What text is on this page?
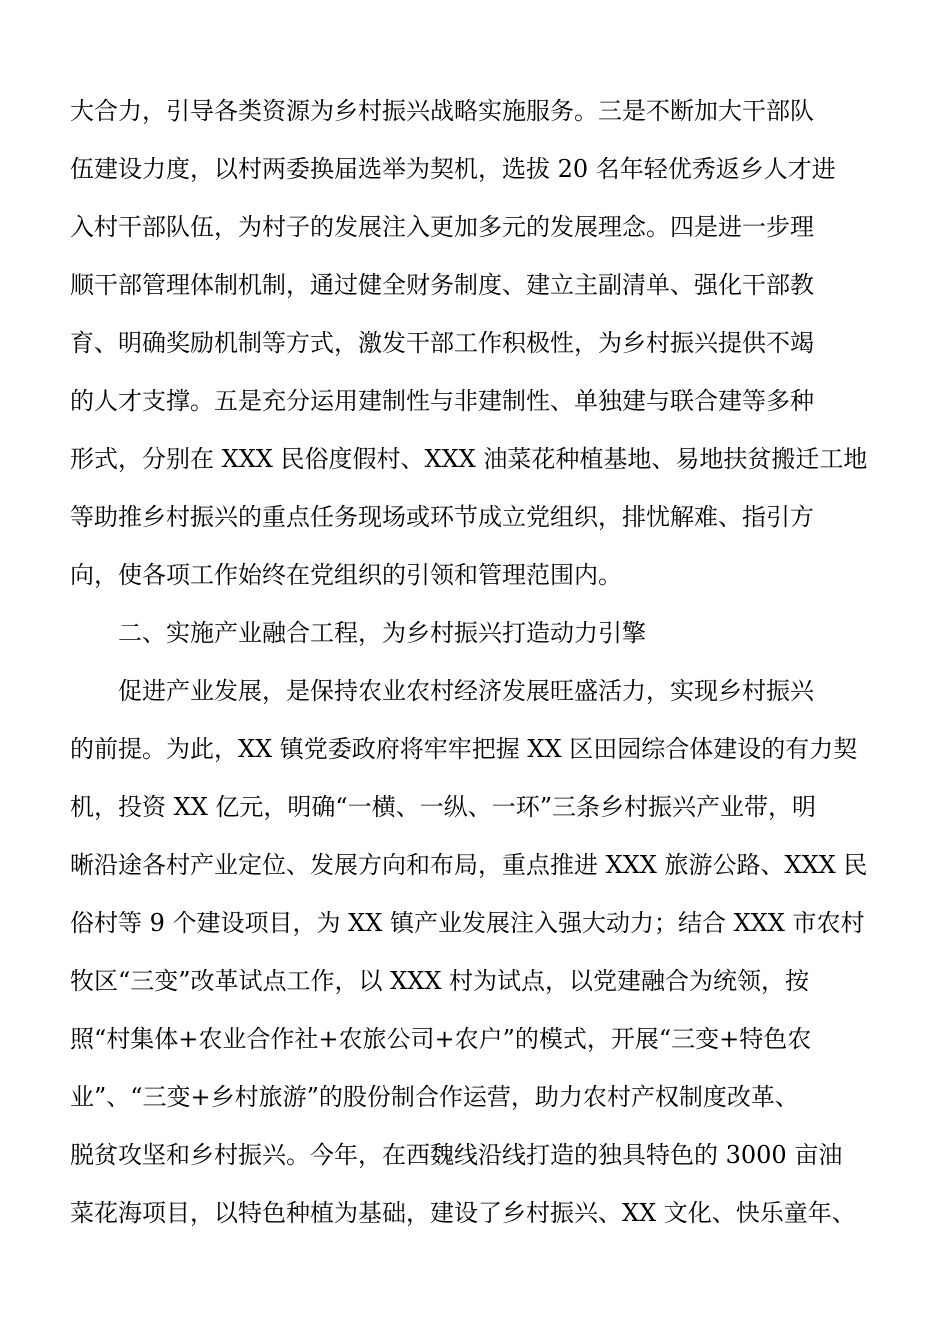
大合力，引导各类资源为乡村振兴战略实施服务。三是不断加大干部队
伍建设力度，以村两委换届选举为契机，选拔 20 名年轻优秀返乡人才进
入村干部队伍，为村子的发展注入更加多元的发展理念。四是进一步理
顺干部管理体制机制，通过健全财务制度、建立主副清单、强化干部教
育、明确奖励机制等方式，激发干部工作积极性，为乡村振兴提供不竭
的人才支撑。五是充分运用建制性与非建制性、单独建与联合建等多种
形式，分别在 XXX 民俗度假村、XXX 油菜花种植基地、易地扶贫搬迁工地
等助推乡村振兴的重点任务现场或环节成立党组织，排忧解难、指引方
向，使各项工作始终在党组织的引领和管理范围内。
　　二、实施产业融合工程，为乡村振兴打造动力引擎
　　促进产业发展，是保持农业农村经济发展旺盛活力，实现乡村振兴
的前提。为此，XX 镇党委政府将牢牢把握 XX 区田园综合体建设的有力契
机，投资 XX 亿元，明确“一横、一纵、一环”三条乡村振兴产业带，明
晰沿途各村产业定位、发展方向和布局，重点推进 XXX 旅游公路、XXX 民
俗村等 9 个建设项目，为 XX 镇产业发展注入强大动力；结合 XXX 市农村
牧区“三变”改革试点工作，以 XXX 村为试点，以党建融合为统领，按
照“村集体+农业合作社+农旅公司+农户”的模式，开展“三变+特色农
业”、“三变+乡村旅游”的股份制合作运营，助力农村产权制度改革、
脱贫攻坚和乡村振兴。今年，在西魏线沿线打造的独具特色的 3000 亩油
菜花海项目，以特色种植为基础，建设了乡村振兴、XX 文化、快乐童年、
